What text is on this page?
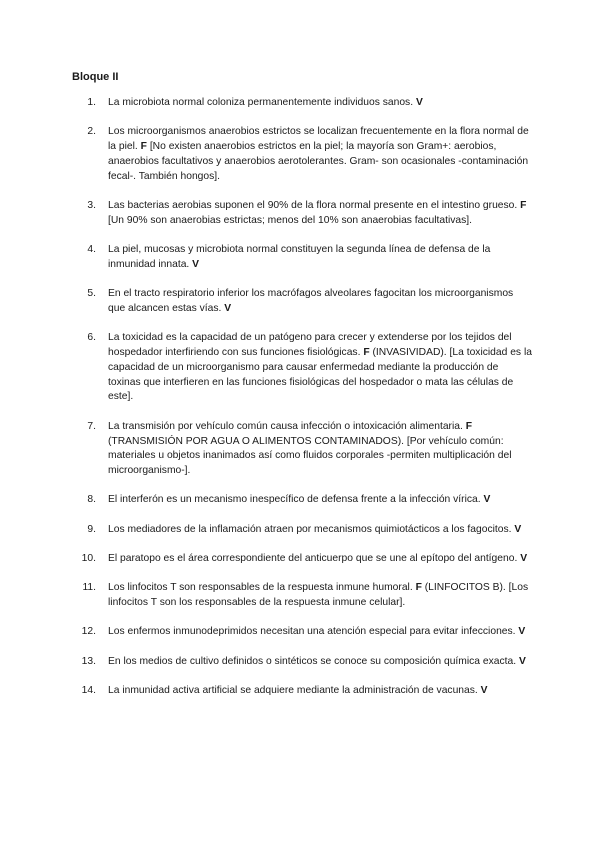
Bloque II
1.	La microbiota normal coloniza permanentemente individuos sanos. V
2.	Los microorganismos anaerobios estrictos se localizan frecuentemente en la flora normal de la piel. F [No existen anaerobios estrictos en la piel; la mayoría son Gram+: aerobios, anaerobios facultativos y anaerobios aerotolerantes. Gram- son ocasionales -contaminación fecal-. También hongos].
3.	Las bacterias aerobias suponen el 90% de la flora normal presente en el intestino grueso. F [Un 90% son anaerobias estrictas; menos del 10% son anaerobias facultativas].
4.	La piel, mucosas y microbiota normal constituyen la segunda línea de defensa de la inmunidad innata. V
5.	En el tracto respiratorio inferior los macrófagos alveolares fagocitan los microorganismos que alcancen estas vías. V
6.	La toxicidad es la capacidad de un patógeno para crecer y extenderse por los tejidos del hospedador interfiriendo con sus funciones fisiológicas. F (INVASIVIDAD). [La toxicidad es la capacidad de un microorganismo para causar enfermedad mediante la producción de toxinas que interfieren en las funciones fisiológicas del hospedador o mata las células de este].
7.	La transmisión por vehículo común causa infección o intoxicación alimentaria. F (TRANSMISIÓN POR AGUA O ALIMENTOS CONTAMINADOS). [Por vehículo común: materiales u objetos inanimados así como fluidos corporales -permiten multiplicación del microorganismo-].
8.	El interferón es un mecanismo inespecífico de defensa frente a la infección vírica. V
9.	Los mediadores de la inflamación atraen por mecanismos quimiotácticos a los fagocitos. V
10.	El paratopo es el área correspondiente del anticuerpo que se une al epítopo del antígeno. V
11.	Los linfocitos T son responsables de la respuesta inmune humoral. F (LINFOCITOS B). [Los linfocitos T son los responsables de la respuesta inmune celular].
12.	Los enfermos inmunodeprimidos necesitan una atención especial para evitar infecciones. V
13.	En los medios de cultivo definidos o sintéticos se conoce su composición química exacta. V
14.	La inmunidad activa artificial se adquiere mediante la administración de vacunas. V
